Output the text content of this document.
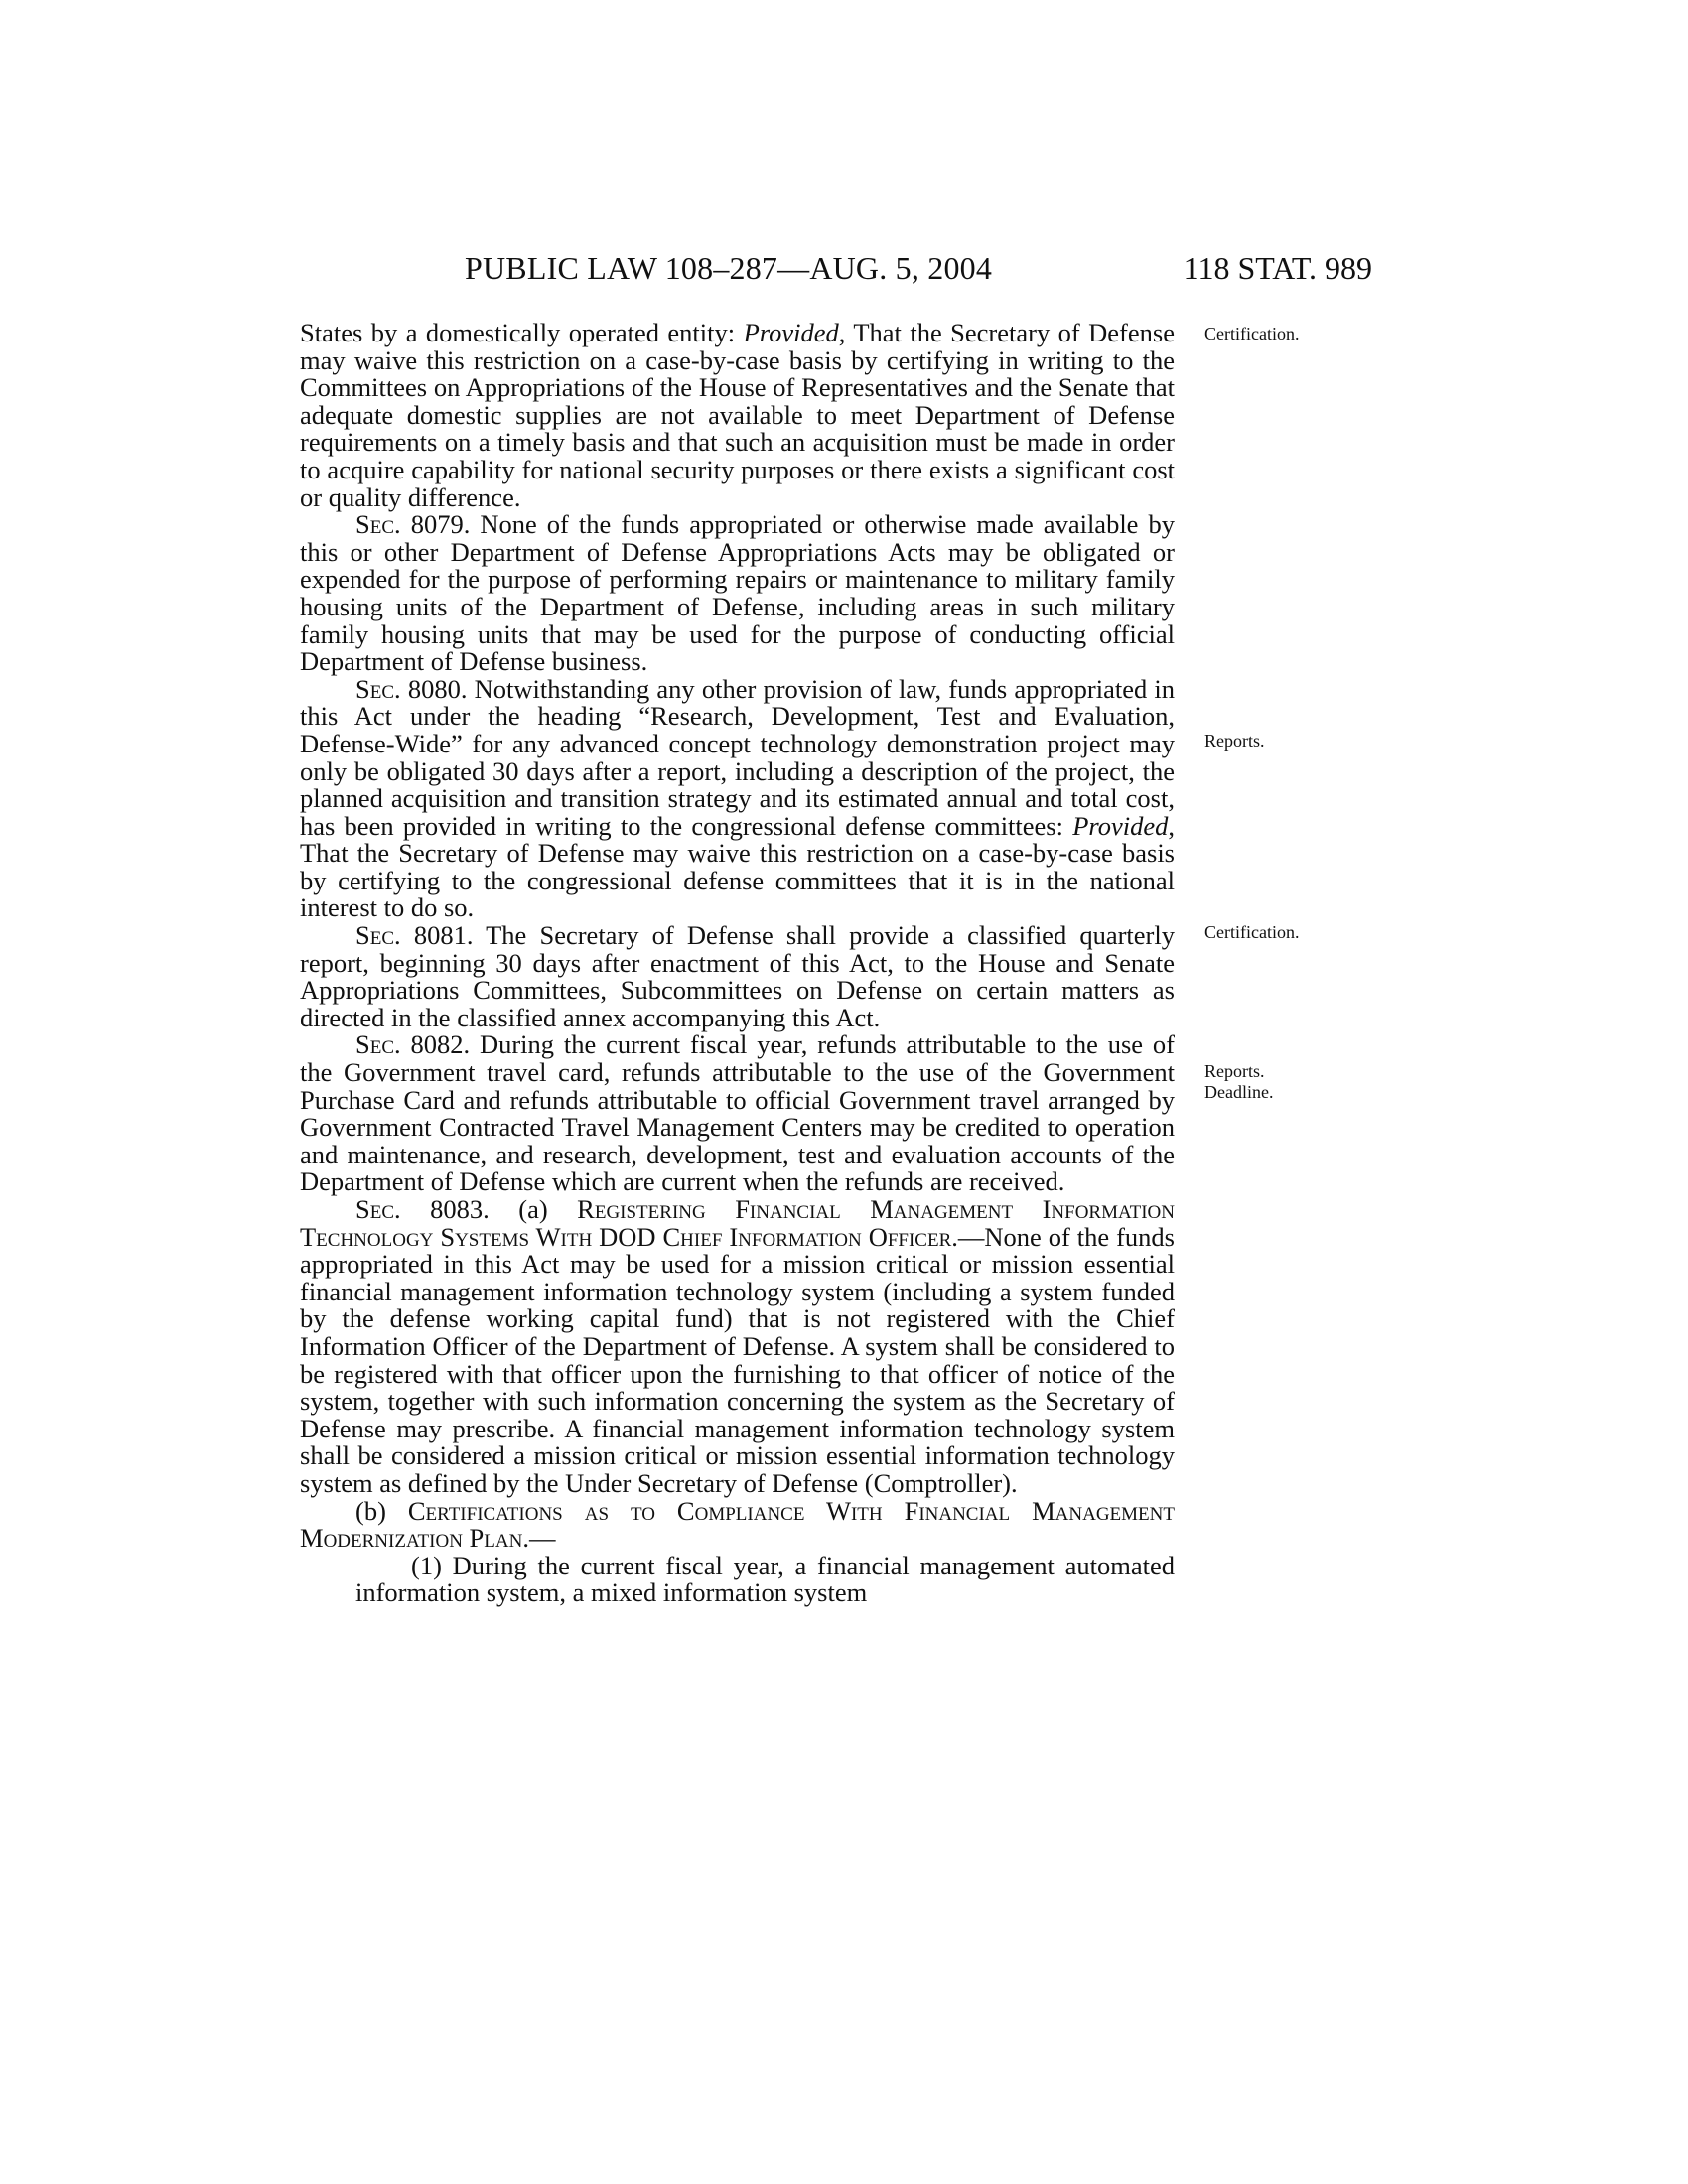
PUBLIC LAW 108–287—AUG. 5, 2004	118 STAT. 989
Certification.
Reports.
Certification.
Reports.
Deadline.

States by a domestically operated entity: Provided, That the Secretary of Defense may waive this restriction on a case-by-case basis by certifying in writing to the Committees on Appropriations of the House of Representatives and the Senate that adequate domestic supplies are not available to meet Department of Defense requirements on a timely basis and that such an acquisition must be made in order to acquire capability for national security purposes or there exists a significant cost or quality difference.

Sec. 8079. None of the funds appropriated or otherwise made available by this or other Department of Defense Appropriations Acts may be obligated or expended for the purpose of performing repairs or maintenance to military family housing units of the Department of Defense, including areas in such military family housing units that may be used for the purpose of conducting official Department of Defense business.

Sec. 8080. Notwithstanding any other provision of law, funds appropriated in this Act under the heading “Research, Development, Test and Evaluation, Defense-Wide” for any advanced concept technology demonstration project may only be obligated 30 days after a report, including a description of the project, the planned acquisition and transition strategy and its estimated annual and total cost, has been provided in writing to the congressional defense committees: Provided, That the Secretary of Defense may waive this restriction on a case-by-case basis by certifying to the congressional defense committees that it is in the national interest to do so.

Sec. 8081. The Secretary of Defense shall provide a classified quarterly report, beginning 30 days after enactment of this Act, to the House and Senate Appropriations Committees, Subcommittees on Defense on certain matters as directed in the classified annex accompanying this Act.

Sec. 8082. During the current fiscal year, refunds attributable to the use of the Government travel card, refunds attributable to the use of the Government Purchase Card and refunds attributable to official Government travel arranged by Government Contracted Travel Management Centers may be credited to operation and maintenance, and research, development, test and evaluation accounts of the Department of Defense which are current when the refunds are received.

Sec. 8083. (a) Registering Financial Management Information Technology Systems With DOD Chief Information Officer.—None of the funds appropriated in this Act may be used for a mission critical or mission essential financial management information technology system (including a system funded by the defense working capital fund) that is not registered with the Chief Information Officer of the Department of Defense. A system shall be considered to be registered with that officer upon the furnishing to that officer of notice of the system, together with such information concerning the system as the Secretary of Defense may prescribe. A financial management information technology system shall be considered a mission critical or mission essential information technology system as defined by the Under Secretary of Defense (Comptroller).

(b) Certifications as to Compliance With Financial Management Modernization Plan.—

(1) During the current fiscal year, a financial management automated information system, a mixed information system
